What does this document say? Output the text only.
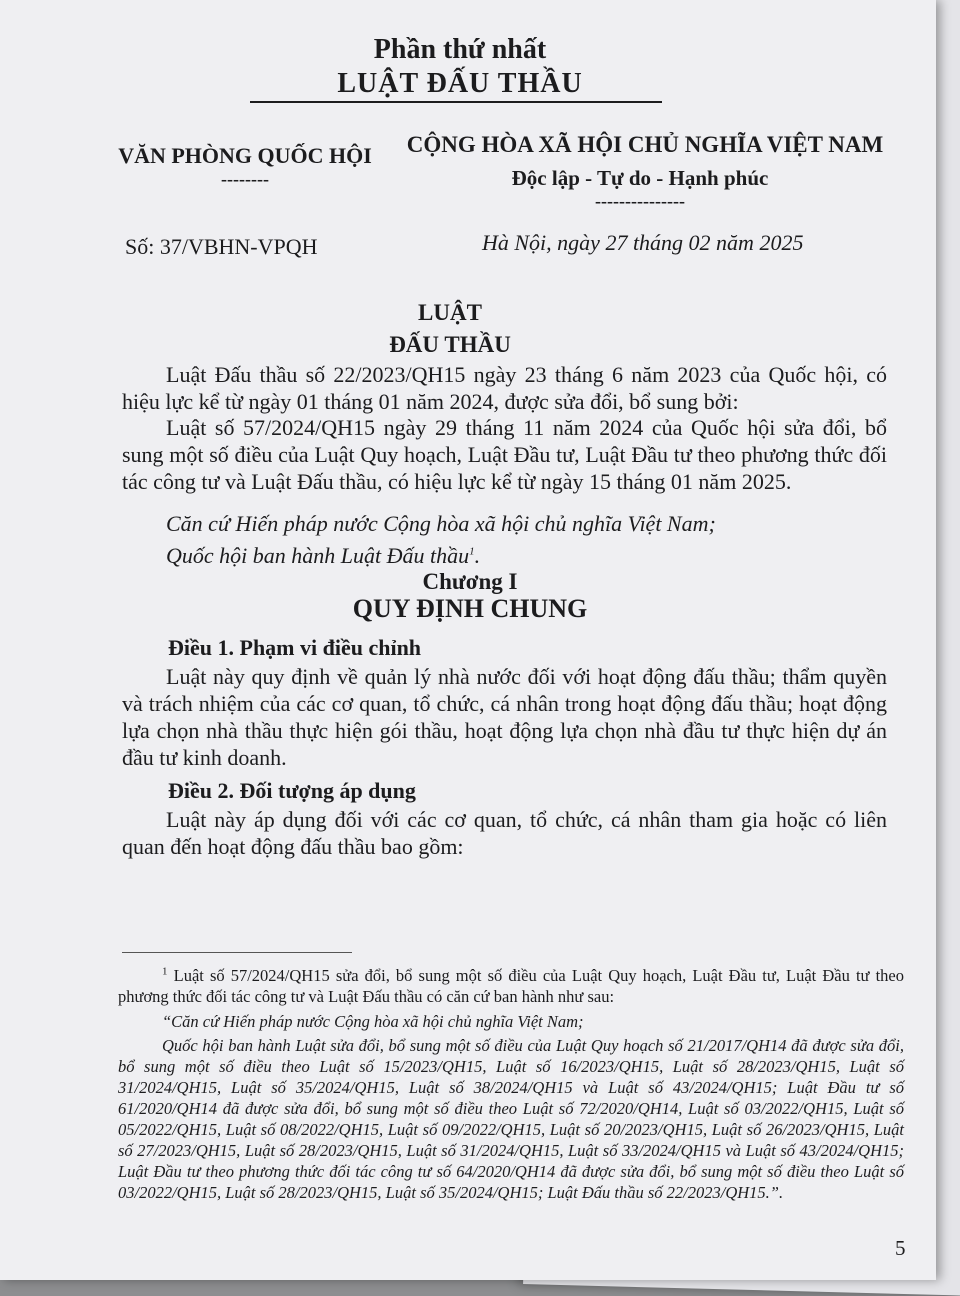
Phần thứ nhất
LUẬT ĐẤU THẦU
VĂN PHÒNG QUỐC HỘI
--------
CỘNG HÒA XÃ HỘI CHỦ NGHĨA VIỆT NAM
Độc lập - Tự do - Hạnh phúc
---------------
Số: 37/VBHN-VPQH	Hà Nội, ngày 27 tháng 02 năm 2025
LUẬT
ĐẤU THẦU
Luật Đấu thầu số 22/2023/QH15 ngày 23 tháng 6 năm 2023 của Quốc hội, có hiệu lực kể từ ngày 01 tháng 01 năm 2024, được sửa đổi, bổ sung bởi:
Luật số 57/2024/QH15 ngày 29 tháng 11 năm 2024 của Quốc hội sửa đổi, bổ sung một số điều của Luật Quy hoạch, Luật Đầu tư, Luật Đầu tư theo phương thức đối tác công tư và Luật Đấu thầu, có hiệu lực kể từ ngày 15 tháng 01 năm 2025.
Căn cứ Hiến pháp nước Cộng hòa xã hội chủ nghĩa Việt Nam;
Quốc hội ban hành Luật Đấu thầu$^1$.
Chương I
QUY ĐỊNH CHUNG
Điều 1. Phạm vi điều chỉnh
Luật này quy định về quản lý nhà nước đối với hoạt động đấu thầu; thẩm quyền và trách nhiệm của các cơ quan, tổ chức, cá nhân trong hoạt động đấu thầu; hoạt động lựa chọn nhà thầu thực hiện gói thầu, hoạt động lựa chọn nhà đầu tư thực hiện dự án đầu tư kinh doanh.
Điều 2. Đối tượng áp dụng
Luật này áp dụng đối với các cơ quan, tổ chức, cá nhân tham gia hoặc có liên quan đến hoạt động đấu thầu bao gồm:
$^1$ Luật số 57/2024/QH15 sửa đổi, bổ sung một số điều của Luật Quy hoạch, Luật Đầu tư, Luật Đầu tư theo phương thức đối tác công tư và Luật Đấu thầu có căn cứ ban hành như sau:
“Căn cứ Hiến pháp nước Cộng hòa xã hội chủ nghĩa Việt Nam;
Quốc hội ban hành Luật sửa đổi, bổ sung một số điều của Luật Quy hoạch số 21/2017/QH14 đã được sửa đổi, bổ sung một số điều theo Luật số 15/2023/QH15, Luật số 16/2023/QH15, Luật số 28/2023/QH15, Luật số 31/2024/QH15, Luật số 35/2024/QH15, Luật số 38/2024/QH15 và Luật số 43/2024/QH15; Luật Đầu tư số 61/2020/QH14 đã được sửa đổi, bổ sung một số điều theo Luật số 72/2020/QH14, Luật số 03/2022/QH15, Luật số 05/2022/QH15, Luật số 08/2022/QH15, Luật số 09/2022/QH15, Luật số 20/2023/QH15, Luật số 26/2023/QH15, Luật số 27/2023/QH15, Luật số 28/2023/QH15, Luật số 31/2024/QH15, Luật số 33/2024/QH15 và Luật số 43/2024/QH15; Luật Đầu tư theo phương thức đối tác công tư số 64/2020/QH14 đã được sửa đổi, bổ sung một số điều theo Luật số 03/2022/QH15, Luật số 28/2023/QH15, Luật số 35/2024/QH15; Luật Đấu thầu số 22/2023/QH15.”.
5
